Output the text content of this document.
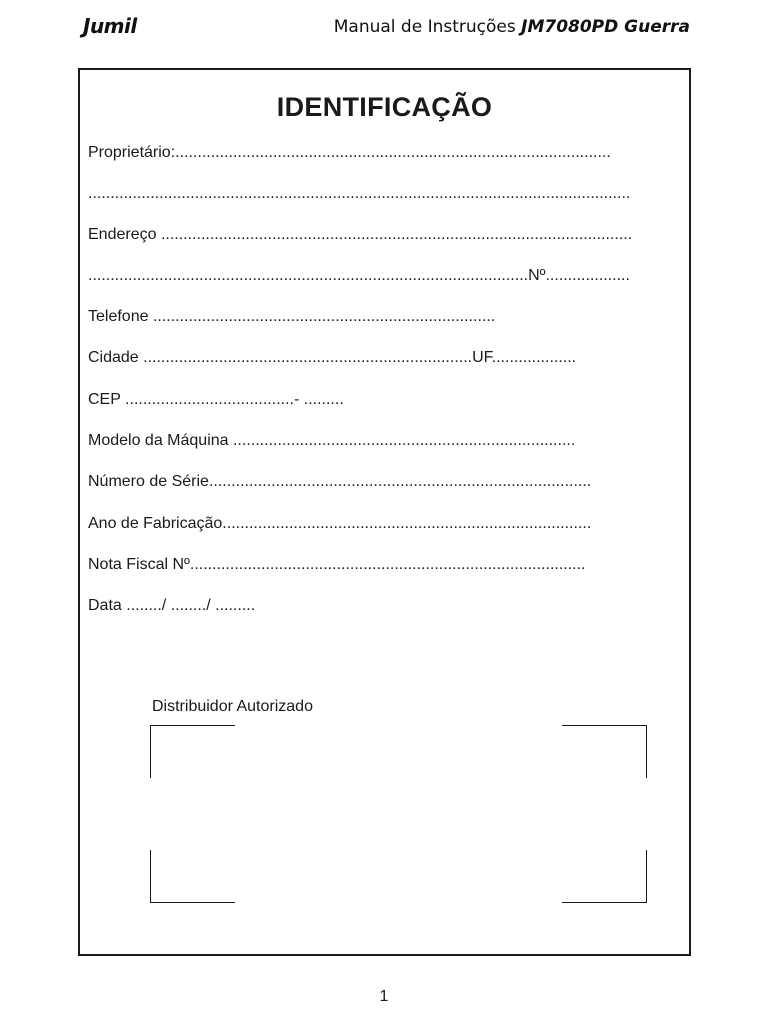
Jumil	Manual de Instruções JM7080PD Guerra
IDENTIFICAÇÃO
Proprietário:..................................................................................................
..........................................................................................................................
Endereço ..........................................................................................................
...................................................................................................Nº...................
Telefone .............................................................................
Cidade ..........................................................................UF...................
CEP ......................................- .........
Modelo da Máquina .............................................................................
Número de Série......................................................................................
Ano de Fabricação...................................................................................
Nota Fiscal Nº.........................................................................................
Data ......../ ......../ .........
Distribuidor Autorizado
1
